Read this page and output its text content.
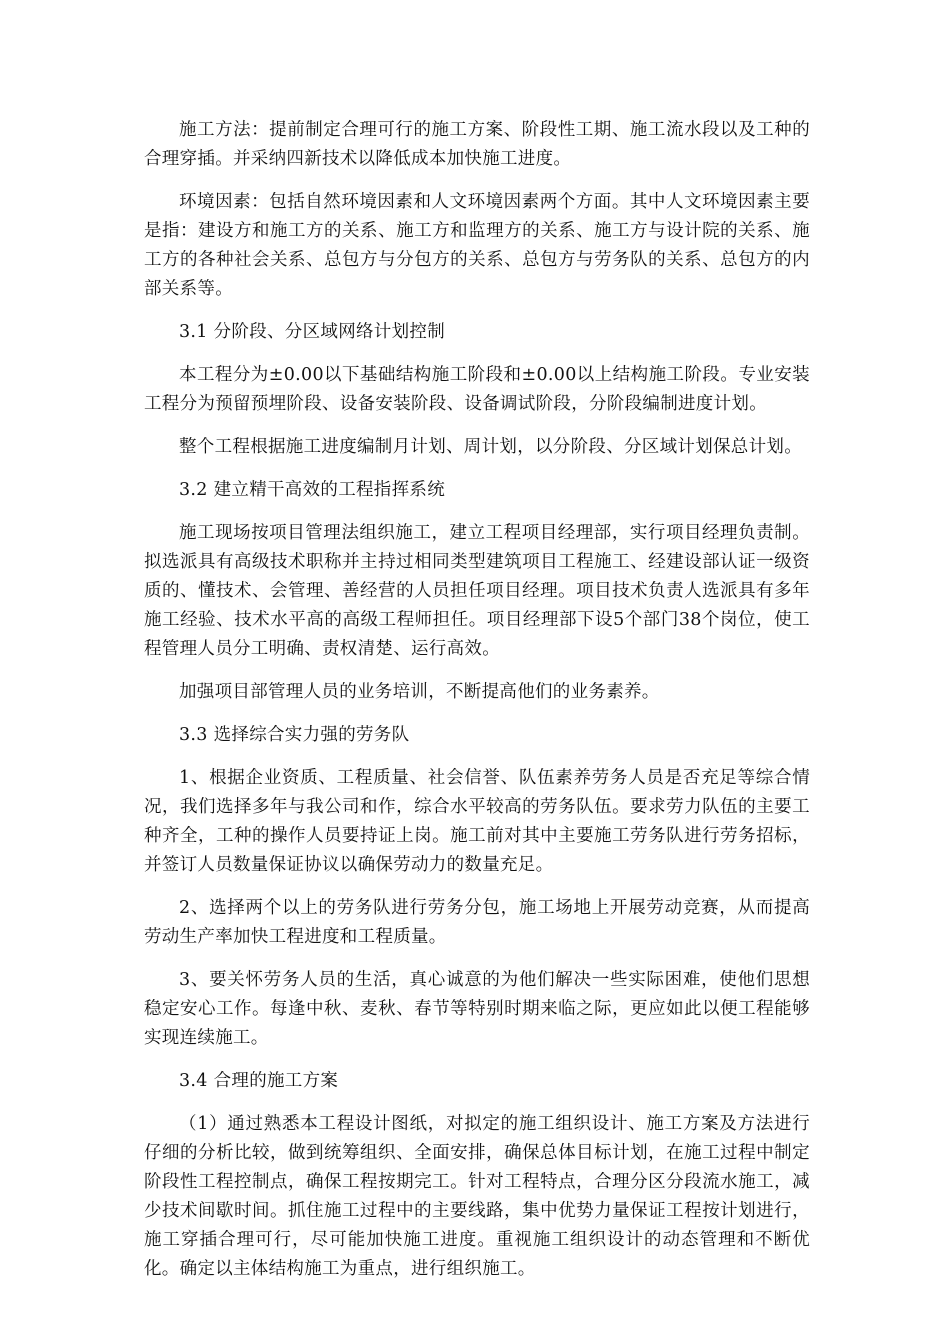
施工方法：提前制定合理可行的施工方案、阶段性工期、施工流水段以及工种的合理穿插。并采纳四新技术以降低成本加快施工进度。

环境因素：包括自然环境因素和人文环境因素两个方面。其中人文环境因素主要是指：建设方和施工方的关系、施工方和监理方的关系、施工方与设计院的关系、施工方的各种社会关系、总包方与分包方的关系、总包方与劳务队的关系、总包方的内部关系等。

3.1 分阶段、分区域网络计划控制

本工程分为±0.00以下基础结构施工阶段和±0.00以上结构施工阶段。专业安装工程分为预留预埋阶段、设备安装阶段、设备调试阶段，分阶段编制进度计划。

整个工程根据施工进度编制月计划、周计划，以分阶段、分区域计划保总计划。

3.2 建立精干高效的工程指挥系统

施工现场按项目管理法组织施工，建立工程项目经理部，实行项目经理负责制。拟选派具有高级技术职称并主持过相同类型建筑项目工程施工、经建设部认证一级资质的、懂技术、会管理、善经营的人员担任项目经理。项目技术负责人选派具有多年施工经验、技术水平高的高级工程师担任。项目经理部下设5个部门38个岗位，使工程管理人员分工明确、责权清楚、运行高效。

加强项目部管理人员的业务培训，不断提高他们的业务素养。

3.3 选择综合实力强的劳务队

1、根据企业资质、工程质量、社会信誉、队伍素养劳务人员是否充足等综合情况，我们选择多年与我公司和作，综合水平较高的劳务队伍。要求劳力队伍的主要工种齐全，工种的操作人员要持证上岗。施工前对其中主要施工劳务队进行劳务招标，并签订人员数量保证协议以确保劳动力的数量充足。

2、选择两个以上的劳务队进行劳务分包，施工场地上开展劳动竞赛，从而提高劳动生产率加快工程进度和工程质量。

3、要关怀劳务人员的生活，真心诚意的为他们解决一些实际困难，使他们思想稳定安心工作。每逢中秋、麦秋、春节等特别时期来临之际，更应如此以便工程能够实现连续施工。

3.4 合理的施工方案

（1）通过熟悉本工程设计图纸，对拟定的施工组织设计、施工方案及方法进行仔细的分析比较，做到统筹组织、全面安排，确保总体目标计划，在施工过程中制定阶段性工程控制点，确保工程按期完工。针对工程特点，合理分区分段流水施工，减少技术间歇时间。抓住施工过程中的主要线路，集中优势力量保证工程按计划进行，施工穿插合理可行，尽可能加快施工进度。重视施工组织设计的动态管理和不断优化。确定以主体结构施工为重点，进行组织施工。
